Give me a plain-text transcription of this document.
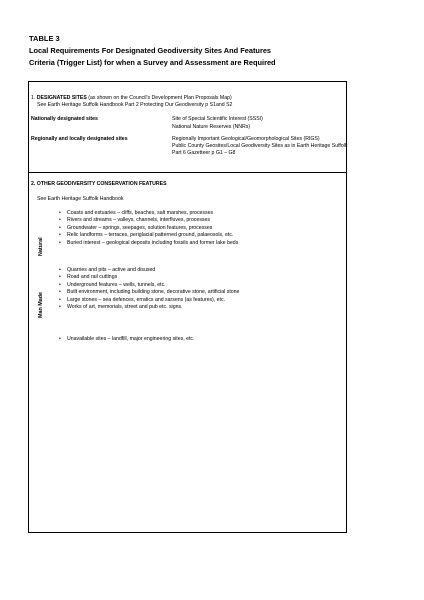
TABLE 3
Local Requirements For Designated Geodiversity Sites And Features
Criteria (Trigger List) for when a Survey and Assessment are Required
1. DESIGNATED SITES (as shown on the Council's Development Plan Proposals Map)
See Earth Heritage Suffolk Handbook Part 2 Protecting Our Geodiversity p S1and S2
Nationally designated sites	Site of Special Scientific Interest (SSSI)
National Nature Reserves (NNRs)
Regionally and locally designated sites	Regionally Important Geological/Geomorphological Sites (RIGS)
Public County Geosites/Local Geodiversity Sites as in Earth Heritage Suffolk
Part 6 Gazetteer p G1 – G8
2. OTHER GEODIVERSITY CONSERVATION FEATURES
See Earth Heritage Suffolk Handbook
Natural
Man Made
• Coasts and estuaries – cliffs, beaches, salt marshes, processes
• Rivers and streams – valleys, channels, interfluves, processes
• Groundwater – springs, seepages, solution features, processes
• Relic landforms – terraces, periglacial patterned ground, palaeosols, etc.
• Buried interest – geological deposits including fossils and former lake beds
• Quarries and pits – active and disused
• Road and rail cuttings
• Underground features – wells, tunnels, etc.
• Built environment, including building stone, decorative stone, artificial stone
• Large stones – sea defences, erratics and sarsens (as features), etc.
• Works of art, memorials, street and pub etc. signs.
• Unavailable sites – landfill, major engineering sites, etc.
